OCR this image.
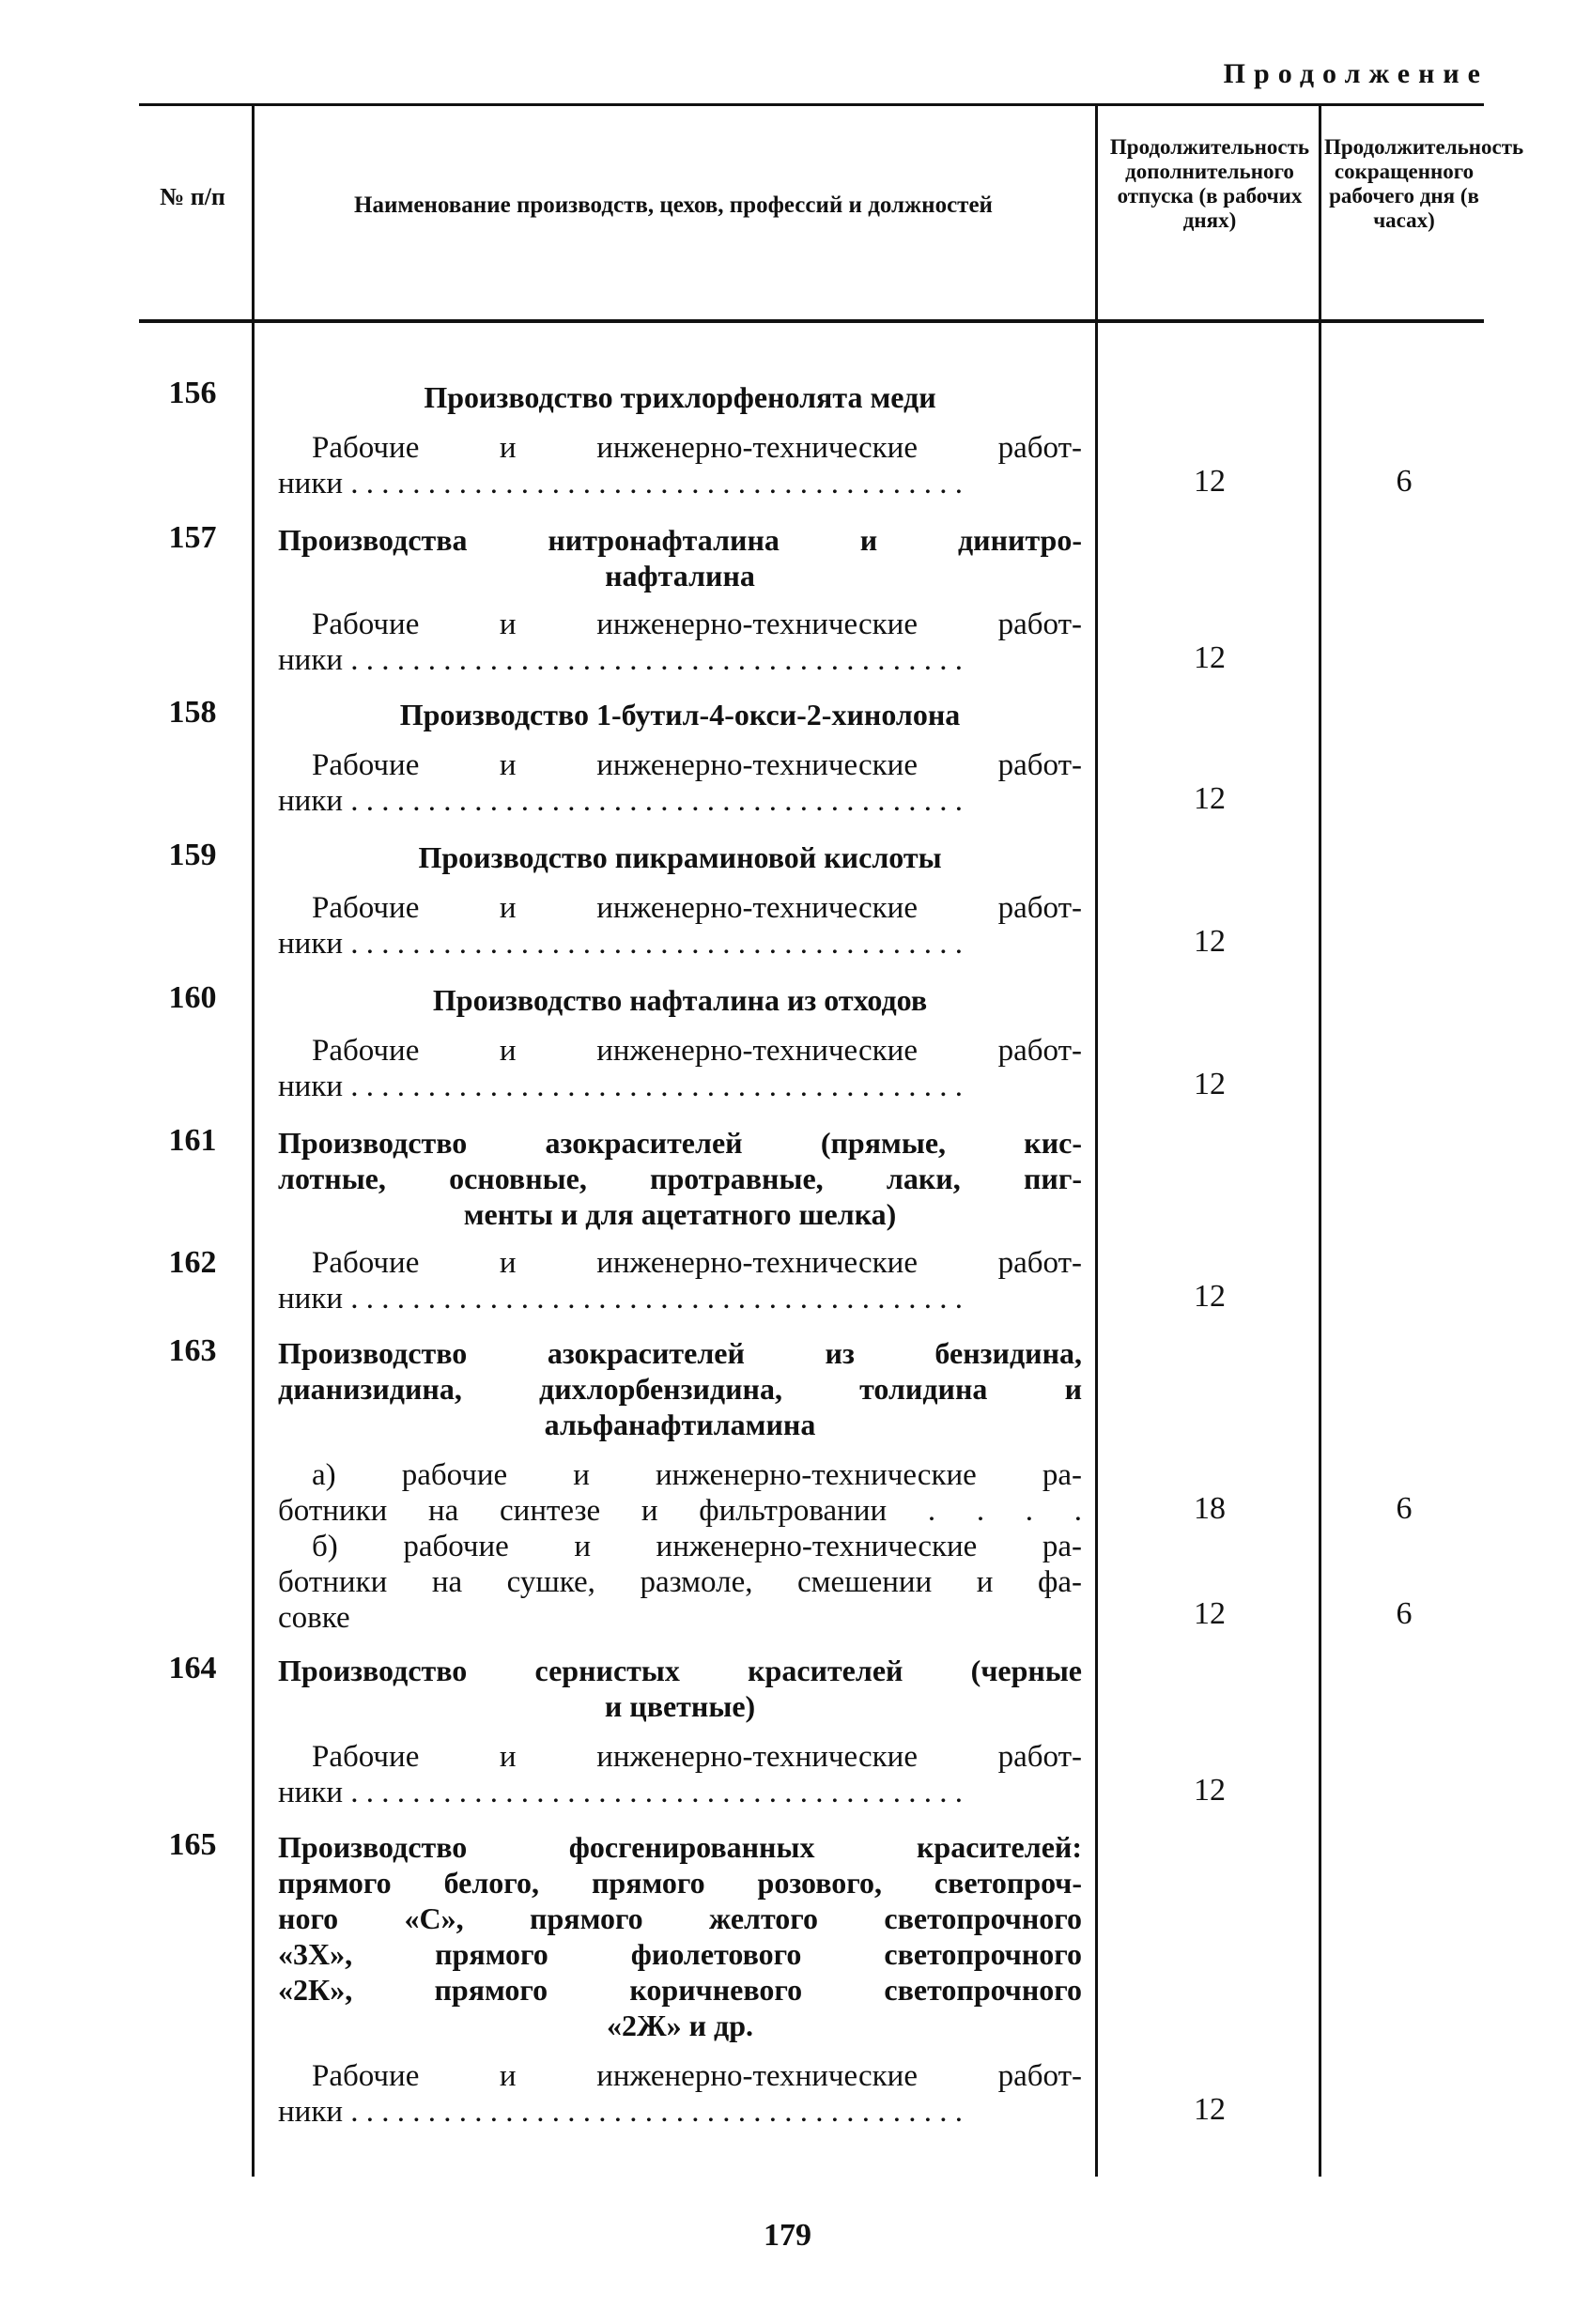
Продолжение
№ п/п	Наименование производств, цехов, профессий и должностей
Продолжительность дополнительного отпуска (в рабочих днях)
Продолжительность сокращенного рабочего дня (в часах)
156	Производство трихлорфенолята меди
Рабочие и инженерно-технические работ-
ники . . .	12	6
157	Производства нитронафталина и динитро-
нафталина
Рабочие и инженерно-технические работ-
ники . . .	12
158	Производство 1-бутил-4-окси-2-хинолона
Рабочие и инженерно-технические работ-
ники . . .	12
159	Производство пикраминовой кислоты
Рабочие и инженерно-технические работ-
ники . . .	12
160	Производство нафталина из отходов
Рабочие и инженерно-технические работ-
ники . . .	12
161	Производство азокрасителей (прямые, кис-
лотные, основные, протравные, лаки, пиг-
менты и для ацетатного шелка)
162	Рабочие и инженерно-технические работ-
ники . . .	12
163	Производство азокрасителей из бензидина,
дианизидина, дихлорбензидина, толидина и
альфанафтиламина
а) рабочие и инженерно-технические ра-
ботники на синтезе и фильтровании . . . .	18	6
б) рабочие и инженерно-технические ра-
ботники на сушке, размоле, смешении и фа-
совке	12	6
164	Производство сернистых красителей (черные
и цветные)
Рабочие и инженерно-технические работ-
ники . . .	12
165	Производство фосгенированных красителей:
прямого белого, прямого розового, светопроч-
ного «С», прямого желтого светопрочного
«3Х», прямого фиолетового светопрочного
«2К», прямого коричневого светопрочного
«2Ж» и др.
Рабочие и инженерно-технические работ-
ники . . .	12
179
